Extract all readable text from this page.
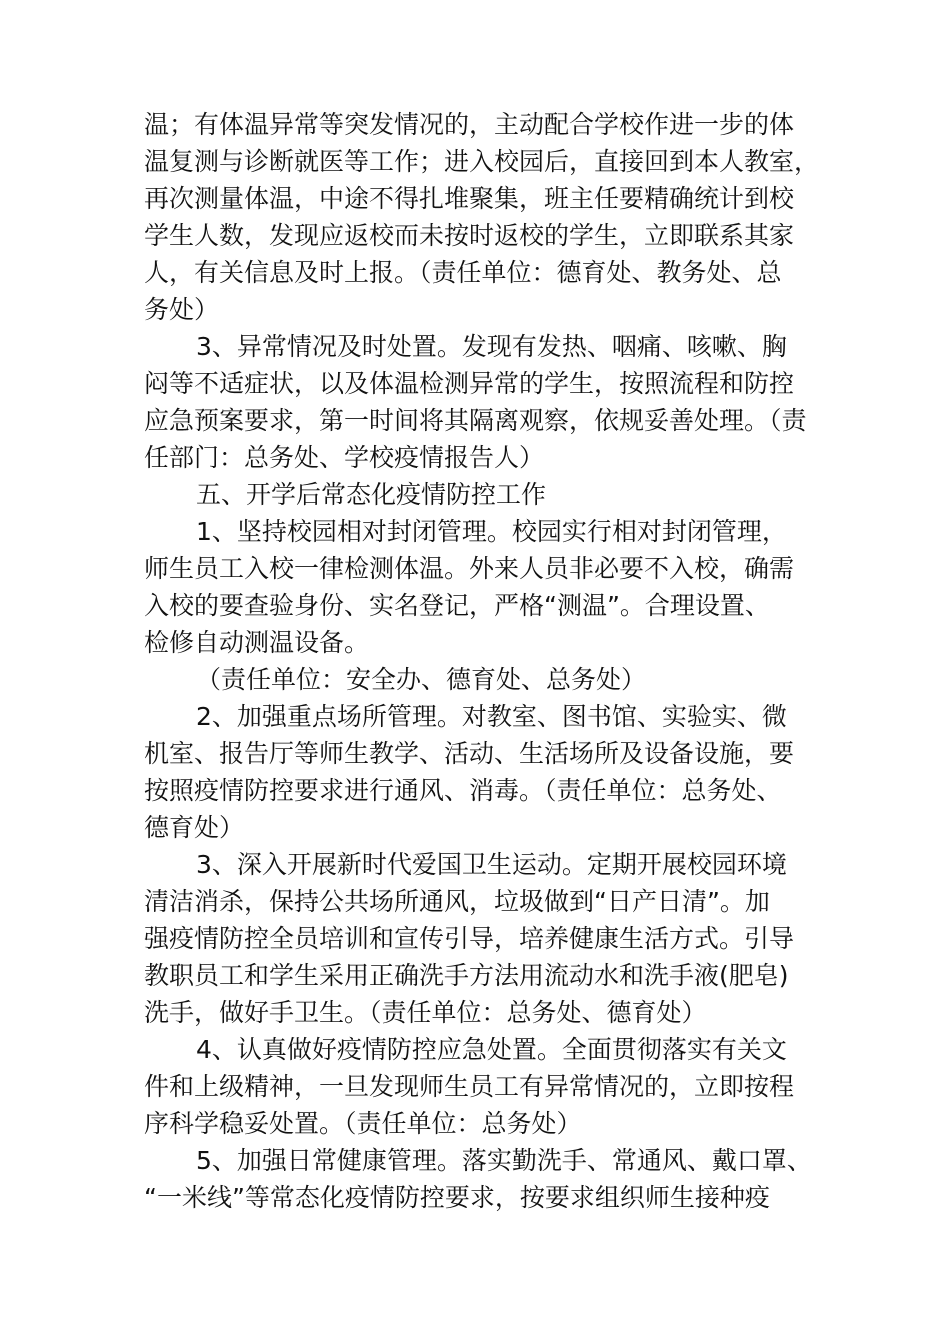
温；有体温异常等突发情况的，主动配合学校作进一步的体
温复测与诊断就医等工作；进入校园后，直接回到本人教室，
再次测量体温，中途不得扎堆聚集，班主任要精确统计到校
学生人数，发现应返校而未按时返校的学生，立即联系其家
人，有关信息及时上报。（责任单位：德育处、教务处、总
务处）
3、异常情况及时处置。发现有发热、咽痛、咳嗽、胸
闷等不适症状，以及体温检测异常的学生，按照流程和防控
应急预案要求，第一时间将其隔离观察，依规妥善处理。（责
任部门：总务处、学校疫情报告人）
五、开学后常态化疫情防控工作
1、坚持校园相对封闭管理。校园实行相对封闭管理，
师生员工入校一律检测体温。外来人员非必要不入校，确需
入校的要查验身份、实名登记，严格“测温”。合理设置、
检修自动测温设备。
（责任单位：安全办、德育处、总务处）
2、加强重点场所管理。对教室、图书馆、实验实、微
机室、报告厅等师生教学、活动、生活场所及设备设施，要
按照疫情防控要求进行通风、消毒。（责任单位：总务处、
德育处）
3、深入开展新时代爱国卫生运动。定期开展校园环境
清洁消杀，保持公共场所通风，垃圾做到“日产日清”。加
强疫情防控全员培训和宣传引导，培养健康生活方式。引导
教职员工和学生采用正确洗手方法用流动水和洗手液(肥皂)
洗手，做好手卫生。（责任单位：总务处、德育处）
4、认真做好疫情防控应急处置。全面贯彻落实有关文
件和上级精神，一旦发现师生员工有异常情况的，立即按程
序科学稳妥处置。（责任单位：总务处）
5、加强日常健康管理。落实勤洗手、常通风、戴口罩、
“一米线”等常态化疫情防控要求，按要求组织师生接种疫
